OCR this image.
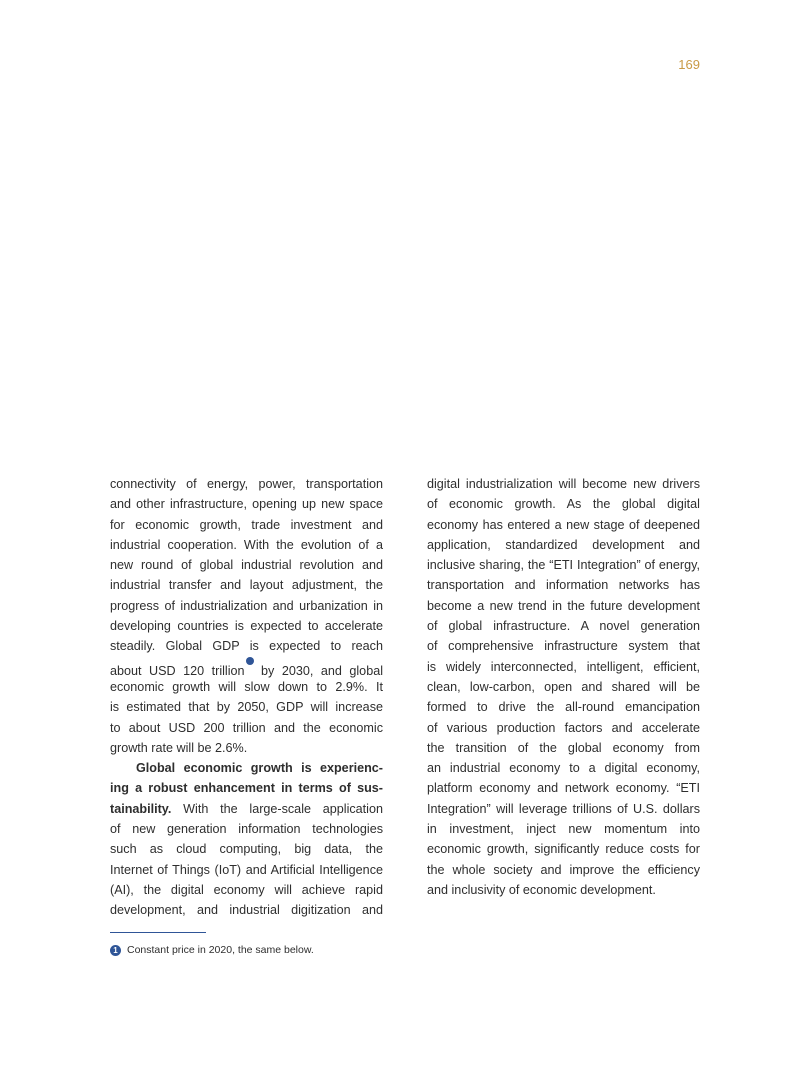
169
connectivity of energy, power, transportation
and other infrastructure, opening up new space
for economic growth, trade investment and
industrial cooperation. With the evolution of a
new round of global industrial revolution and
industrial transfer and layout adjustment, the
progress of industrialization and urbanization in
developing countries is expected to accelerate
steadily. Global GDP is expected to reach
about USD 120 trillion by 2030, and global
economic growth will slow down to 2.9%. It
is estimated that by 2050, GDP will increase
to about USD 200 trillion and the economic
growth rate will be 2.6%.
Global economic growth is experienc-
ing a robust enhancement in terms of sus-
tainability. With the large-scale application
of new generation information technologies
such as cloud computing, big data, the
Internet of Things (IoT) and Artificial Intelligence
(AI), the digital economy will achieve rapid
development, and industrial digitization and
digital industrialization will become new drivers
of economic growth. As the global digital
economy has entered a new stage of deepened
application, standardized development and
inclusive sharing, the “ETI Integration” of energy,
transportation and information networks has
become a new trend in the future development
of global infrastructure. A novel generation
of comprehensive infrastructure system that
is widely interconnected, intelligent, efficient,
clean, low-carbon, open and shared will be
formed to drive the all-round emancipation
of various production factors and accelerate
the transition of the global economy from
an industrial economy to a digital economy,
platform economy and network economy. “ETI
Integration” will leverage trillions of U.S. dollars
in investment, inject new momentum into
economic growth, significantly reduce costs for
the whole society and improve the efficiency
and inclusivity of economic development.
1 Constant price in 2020, the same below.
